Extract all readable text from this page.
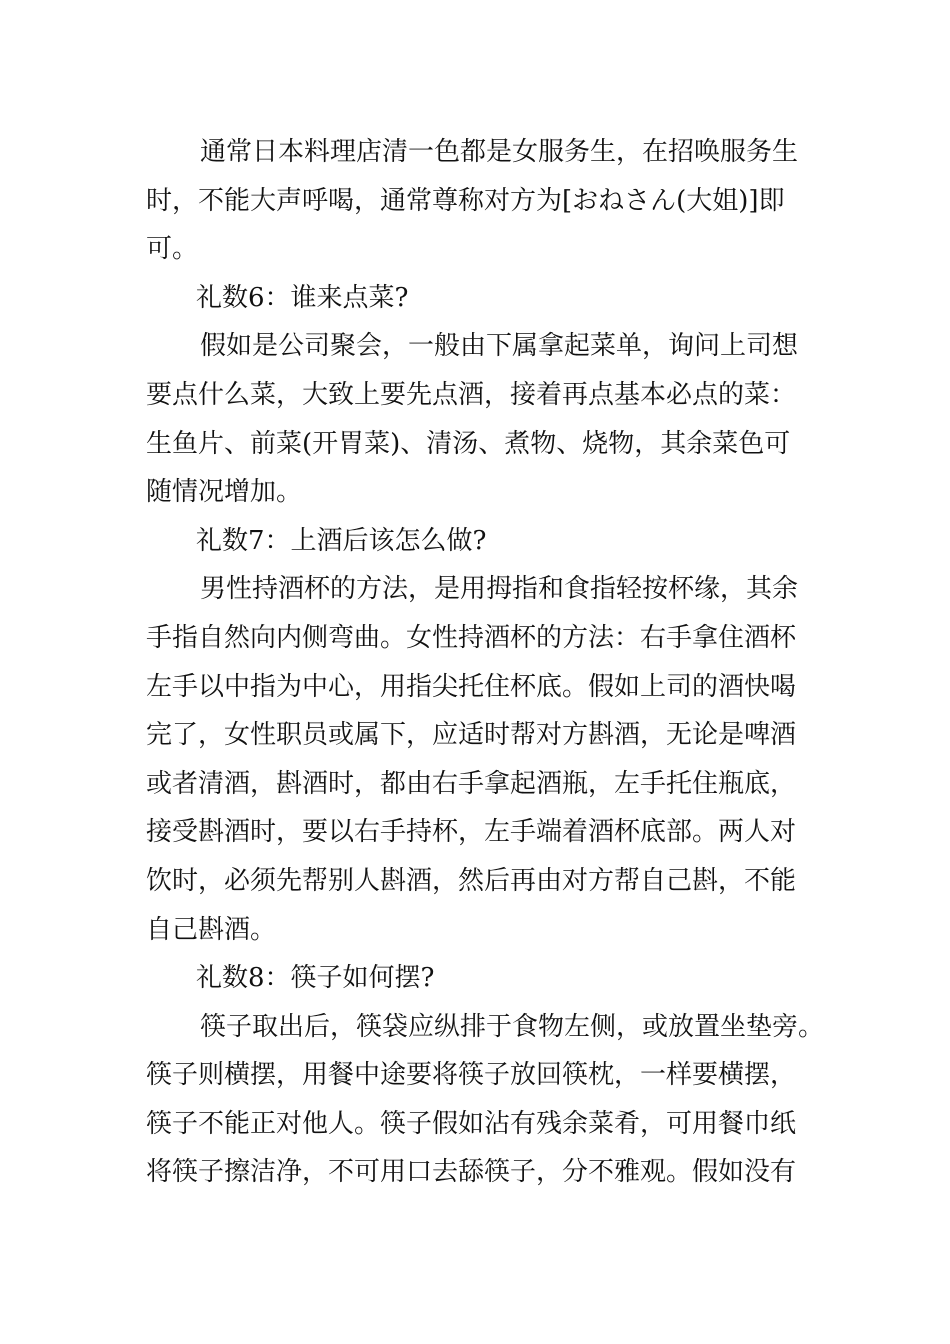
通常日本料理店清一色都是女服务生，在招唤服务生
时，不能大声呼喝，通常尊称对方为[おねさん(大姐)]即
可。
礼数6：谁来点菜?
假如是公司聚会，一般由下属拿起菜单，询问上司想
要点什么菜，大致上要先点酒，接着再点基本必点的菜：
生鱼片、前菜(开胃菜)、清汤、煮物、烧物，其余菜色可
随情况增加。
礼数7：上酒后该怎么做?
男性持酒杯的方法，是用拇指和食指轻按杯缘，其余
手指自然向内侧弯曲。女性持酒杯的方法：右手拿住酒杯
左手以中指为中心，用指尖托住杯底。假如上司的酒快喝
完了，女性职员或属下，应适时帮对方斟酒，无论是啤酒
或者清酒，斟酒时，都由右手拿起酒瓶，左手托住瓶底，
接受斟酒时，要以右手持杯，左手端着酒杯底部。两人对
饮时，必须先帮别人斟酒，然后再由对方帮自己斟，不能
自己斟酒。
礼数8：筷子如何摆?
筷子取出后，筷袋应纵排于食物左侧，或放置坐垫旁。
筷子则横摆，用餐中途要将筷子放回筷枕，一样要横摆，
筷子不能正对他人。筷子假如沾有残余菜肴，可用餐巾纸
将筷子擦洁净，不可用口去舔筷子，分不雅观。假如没有
